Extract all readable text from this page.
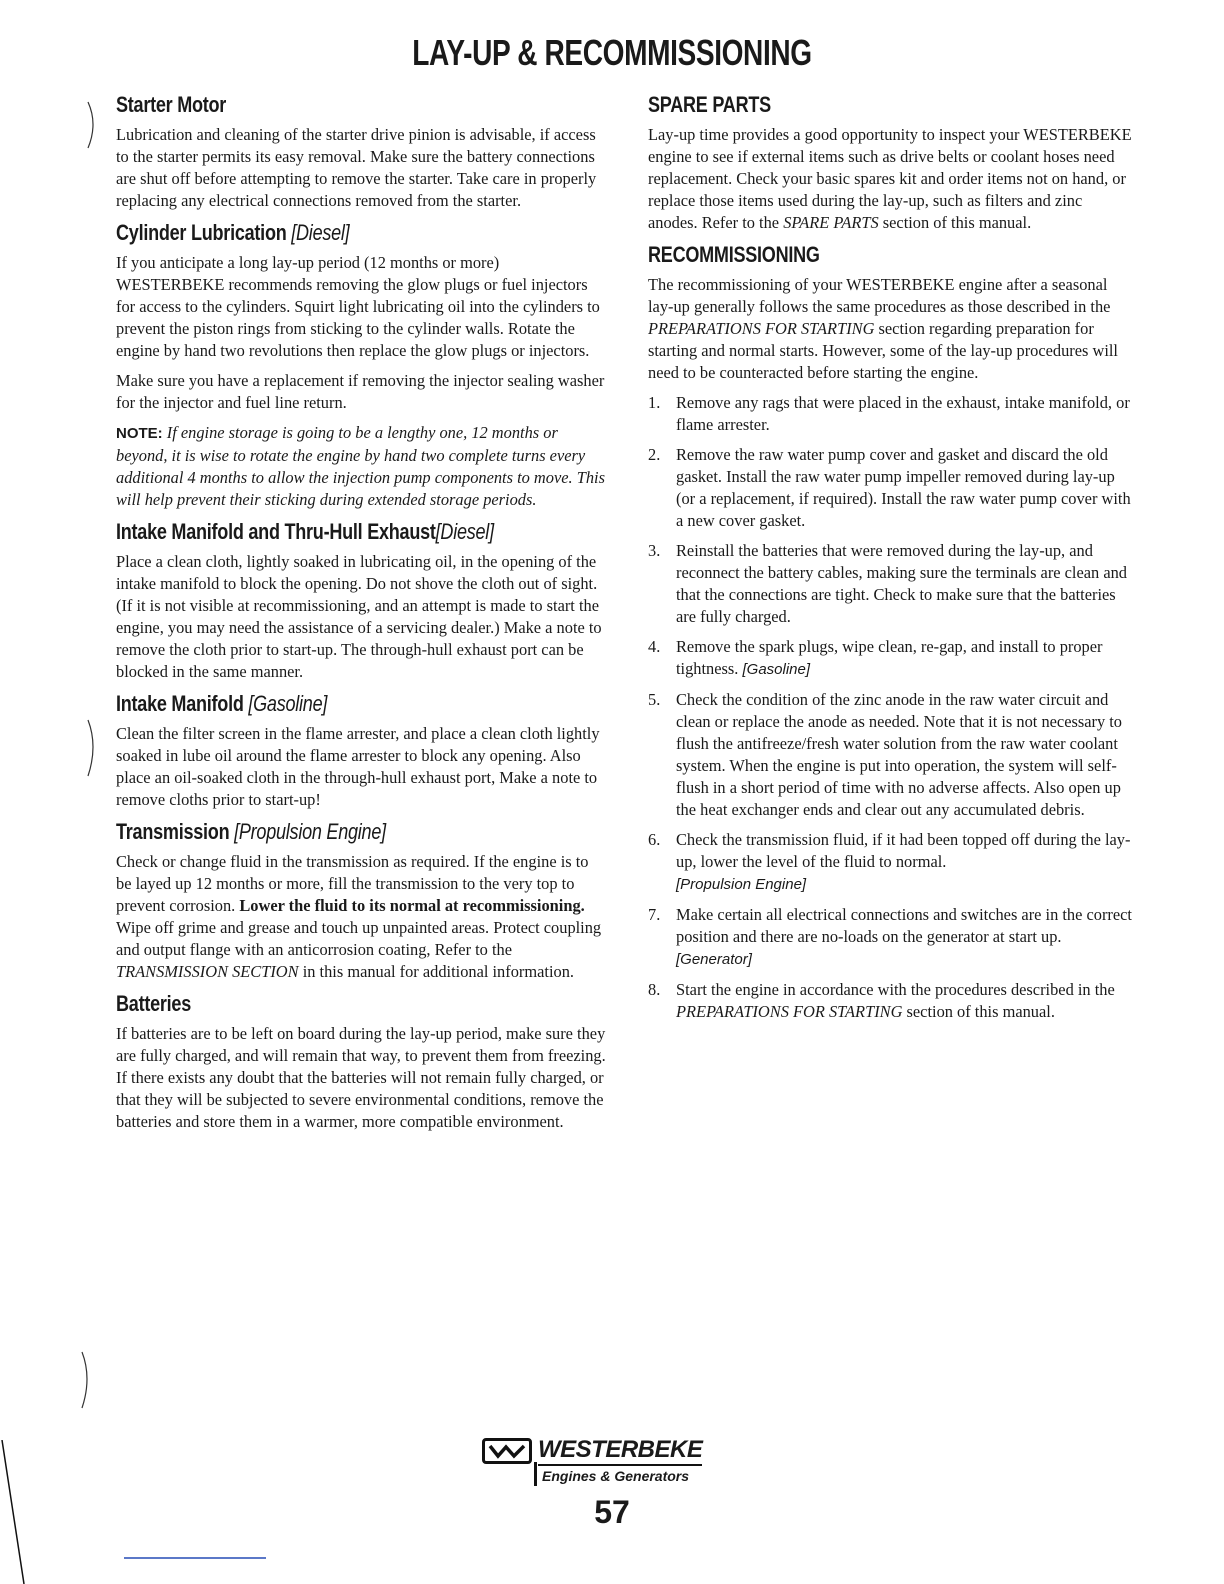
LAY-UP & RECOMMISSIONING
Starter Motor

Lubrication and cleaning of the starter drive pinion is advisable, if access to the starter permits its easy removal. Make sure the battery connections are shut off before attempting to remove the starter. Take care in properly replacing any electrical connections removed from the starter.

Cylinder Lubrication [Diesel]

If you anticipate a long lay-up period (12 months or more) WESTERBEKE recommends removing the glow plugs or fuel injectors for access to the cylinders. Squirt light lubricating oil into the cylinders to prevent the piston rings from sticking to the cylinder walls. Rotate the engine by hand two revolutions then replace the glow plugs or injectors.

Make sure you have a replacement if removing the injector sealing washer for the injector and fuel line return.

NOTE: If engine storage is going to be a lengthy one, 12 months or beyond, it is wise to rotate the engine by hand two complete turns every additional 4 months to allow the injection pump components to move. This will help prevent their sticking during extended storage periods.

Intake Manifold and Thru-Hull Exhaust[Diesel]

Place a clean cloth, lightly soaked in lubricating oil, in the opening of the intake manifold to block the opening. Do not shove the cloth out of sight. (If it is not visible at recommissioning, and an attempt is made to start the engine, you may need the assistance of a servicing dealer.) Make a note to remove the cloth prior to start-up. The through-hull exhaust port can be blocked in the same manner.

Intake Manifold [Gasoline]

Clean the filter screen in the flame arrester, and place a clean cloth lightly soaked in lube oil around the flame arrester to block any opening. Also place an oil-soaked cloth in the through-hull exhaust port, Make a note to remove cloths prior to start-up!

Transmission [Propulsion Engine]

Check or change fluid in the transmission as required. If the engine is to be layed up 12 months or more, fill the transmission to the very top to prevent corrosion. Lower the fluid to its normal at recommissioning. Wipe off grime and grease and touch up unpainted areas. Protect coupling and output flange with an anticorrosion coating, Refer to the TRANSMISSION SECTION in this manual for additional information.

Batteries

If batteries are to be left on board during the lay-up period, make sure they are fully charged, and will remain that way, to prevent them from freezing. If there exists any doubt that the batteries will not remain fully charged, or that they will be subjected to severe environmental conditions, remove the batteries and store them in a warmer, more compatible environment.

SPARE PARTS

Lay-up time provides a good opportunity to inspect your WESTERBEKE engine to see if external items such as drive belts or coolant hoses need replacement. Check your basic spares kit and order items not on hand, or replace those items used during the lay-up, such as filters and zinc anodes. Refer to the SPARE PARTS section of this manual.

RECOMMISSIONING

The recommissioning of your WESTERBEKE engine after a seasonal lay-up generally follows the same procedures as those described in the PREPARATIONS FOR STARTING section regarding preparation for starting and normal starts. However, some of the lay-up procedures will need to be counteracted before starting the engine.

1. Remove any rags that were placed in the exhaust, intake manifold, or flame arrester.
2. Remove the raw water pump cover and gasket and discard the old gasket. Install the raw water pump impeller removed during lay-up (or a replacement, if required). Install the raw water pump cover with a new cover gasket.
3. Reinstall the batteries that were removed during the lay-up, and reconnect the battery cables, making sure the terminals are clean and that the connections are tight. Check to make sure that the batteries are fully charged.
4. Remove the spark plugs, wipe clean, re-gap, and install to proper tightness. [Gasoline]
5. Check the condition of the zinc anode in the raw water circuit and clean or replace the anode as needed. Note that it is not necessary to flush the antifreeze/fresh water solution from the raw water coolant system. When the engine is put into operation, the system will self-flush in a short period of time with no adverse affects. Also open up the heat exchanger ends and clear out any accumulated debris.
6. Check the transmission fluid, if it had been topped off during the lay-up, lower the level of the fluid to normal.
[Propulsion Engine]
7. Make certain all electrical connections and switches are in the correct position and there are no-loads on the generator at start up. [Generator]
8. Start the engine in accordance with the procedures described in the PREPARATIONS FOR STARTING section of this manual.
WESTERBEKE
Engines & Generators
57
